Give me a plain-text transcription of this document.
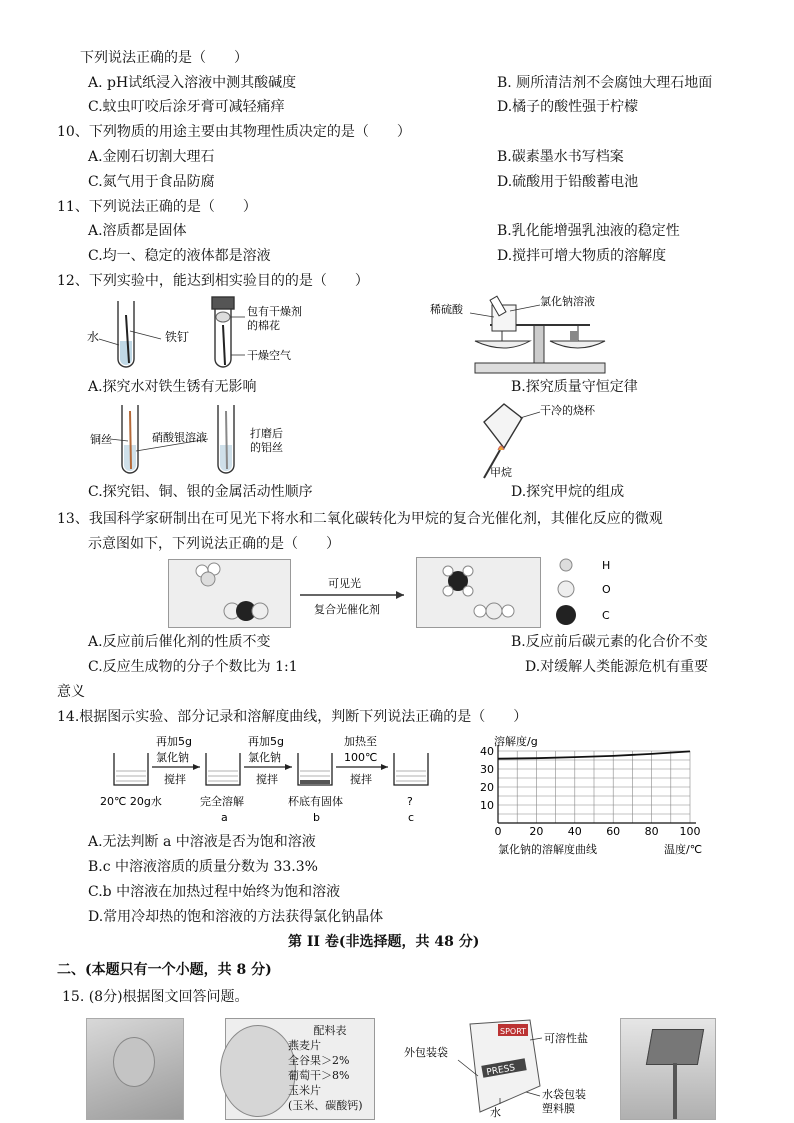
下列说法正确的是（　　）
A. pH试纸浸入溶液中测其酸碱度	B. 厕所清洁剂不会腐蚀大理石地面
C.蚊虫叮咬后涂牙膏可减轻痛痒	D.橘子的酸性强于柠檬
10、下列物质的用途主要由其物理性质决定的是（　　）
A.金刚石切割大理石	B.碳素墨水书写档案
C.氮气用于食品防腐	D.硫酸用于铅酸蓄电池
11、下列说法正确的是（　　）
A.溶质都是固体	B.乳化能增强乳浊液的稳定性
C.均一、稳定的液体都是溶液	D.搅拌可增大物质的溶解度
12、下列实验中，能达到相实验目的的是（　　）
水	铁钉
包有干燥剂
的棉花
干燥空气
稀硫酸
氯化钠溶液
A.探究水对铁生锈有无影响	B.探究质量守恒定律
铜丝	硝酸银溶液	打磨后
的铝丝
干冷的烧杯
甲烷
C.探究铝、铜、银的金属活动性顺序	D.探究甲烷的组成
13、我国科学家研制出在可见光下将水和二氧化碳转化为甲烷的复合光催化剂，其催化反应的微观
示意图如下，下列说法正确的是（　　）
可见光
复合光催化剂
H
O
C
A.反应前后催化剂的性质不变	B.反应前后碳元素的化合价不变
C.反应生成物的分子个数比为 1:1	D.对缓解人类能源危机有重要
意义
14.根据图示实验、部分记录和溶解度曲线，判断下列说法正确的是（　　）
再加5g
氯化钠
搅拌
再加5g
氯化钠
搅拌
加热至
100℃
搅拌
20℃ 20g水	完全溶解
a
杯底有固体
b
?
c
0	20 40 60 80 100
10
20
30
40
溶解度/g
温度/℃
氯化钠的溶解度曲线
A.无法判断 a 中溶液是否为饱和溶液
B.c 中溶液溶质的质量分数为 33.3%
C.b 中溶液在加热过程中始终为饱和溶液
D.常用冷却热的饱和溶液的方法获得氯化钠晶体
第 II 卷(非选择题，共 48 分)
二、(本题只有一个小题，共 8 分)
15. (8分)根据图文回答问题。
配料表
燕麦片
全谷果＞2%
葡萄干＞8%
玉米片
(玉米、碳酸钙)
SPORT
PRESS
外包装袋
可溶性盐
水
水袋包装
塑料膜
